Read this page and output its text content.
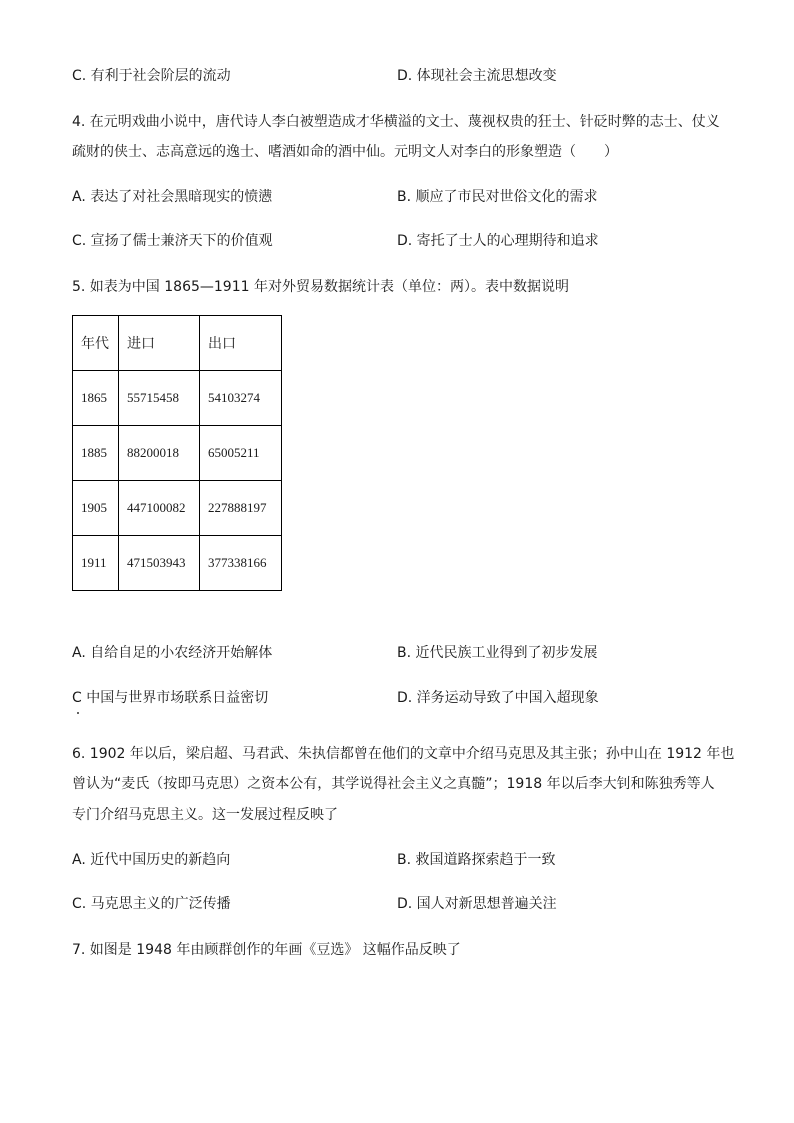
C. 有利于社会阶层的流动	D. 体现社会主流思想改变
4. 在元明戏曲小说中，唐代诗人李白被塑造成才华横溢的文士、蔑视权贵的狂士、针砭时弊的志士、仗义
疏财的侠士、志高意远的逸士、嗜酒如命的酒中仙。元明文人对李白的形象塑造（　　）
A. 表达了对社会黑暗现实的愤懑	B. 顺应了市民对世俗文化的需求
C. 宣扬了儒士兼济天下的价值观	D. 寄托了士人的心理期待和追求
5. 如表为中国 1865—1911 年对外贸易数据统计表（单位：两）。表中数据说明
年代	进口	出口
1865	55715458	54103274
1885	88200018	65005211
1905	447100082	227888197
1911	471503943	377338166
A. 自给自足的小农经济开始解体	B. 近代民族工业得到了初步发展
C 中国与世界市场联系日益密切	D. 洋务运动导致了中国入超现象
6. 1902 年以后，梁启超、马君武、朱执信都曾在他们的文章中介绍马克思及其主张；孙中山在 1912 年也
曾认为“麦氏（按即马克思）之资本公有，其学说得社会主义之真髓”；1918 年以后李大钊和陈独秀等人
专门介绍马克思主义。这一发展过程反映了
A. 近代中国历史的新趋向	B. 救国道路探索趋于一致
C. 马克思主义的广泛传播	D. 国人对新思想普遍关注
7. 如图是 1948 年由顾群创作的年画《豆选》 这幅作品反映了
